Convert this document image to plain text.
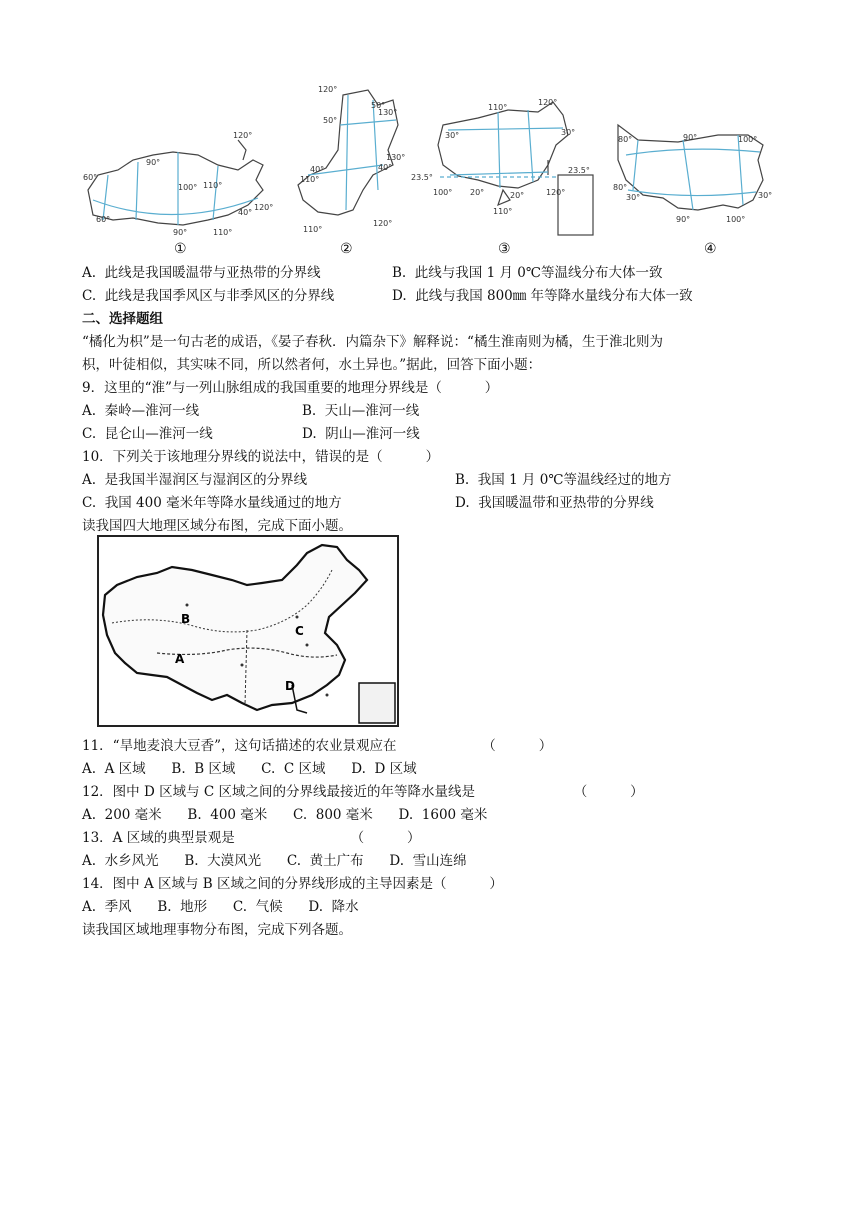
120°
90°
60°
60°
90°
100° 110°
110°
40°
120°
120°
50°
130°
50°
130°
40°
40°
110°
120°
110°
110°
120°
30°	30°
23.5°
23.5°
100° 20°	20°
110°
120°
80°	90°	100°
80°
30°	30°
90°	100°
①	②	③	④
A.  此线是我国暖温带与亚热带的分界线	B.  此线与我国 1 月 0℃等温线分布大体一致
C.  此线是我国季风区与非季风区的分界线	D.  此线与我国 800㎜ 年等降水量线分布大体一致
二、选择题组
“橘化为枳”是一句古老的成语，《晏子春秋．内篇杂下》解释说：“橘生淮南则为橘，生于淮北则为
枳，叶徒相似，其实味不同，所以然者何，水土异也。”据此，回答下面小题：
9．这里的“淮”与一列山脉组成的我国重要的地理分界线是（          ）
A.  秦岭—淮河一线	B.  天山—淮河一线
C.  昆仑山—淮河一线	D.  阴山—淮河一线
10．下列关于该地理分界线的说法中，错误的是（          ）
A.  是我国半湿润区与湿润区的分界线	B.  我国 1 月 0℃等温线经过的地方
C.  我国 400 毫米年等降水量线通过的地方	D.  我国暖温带和亚热带的分界线
读我国四大地理区域分布图，完成下面小题。
A
B
C
D
11．“旱地麦浪大豆香”，这句话描述的农业景观应在                    （          ）
A.  A 区域      B.  B 区域      C.  C 区域      D.  D 区域
12．图中 D 区域与 C 区域之间的分界线最接近的年等降水量线是                       （          ）
A.  200 毫米      B.  400 毫米      C.  800 毫米      D.  1600 毫米
13．A 区域的典型景观是                           （          ）
A.  水乡风光      B.  大漠风光      C.  黄土广布      D.  雪山连绵
14．图中 A 区域与 B 区域之间的分界线形成的主导因素是（          ）
A.  季风      B.  地形      C.  气候      D.  降水
读我国区域地理事物分布图，完成下列各题。
